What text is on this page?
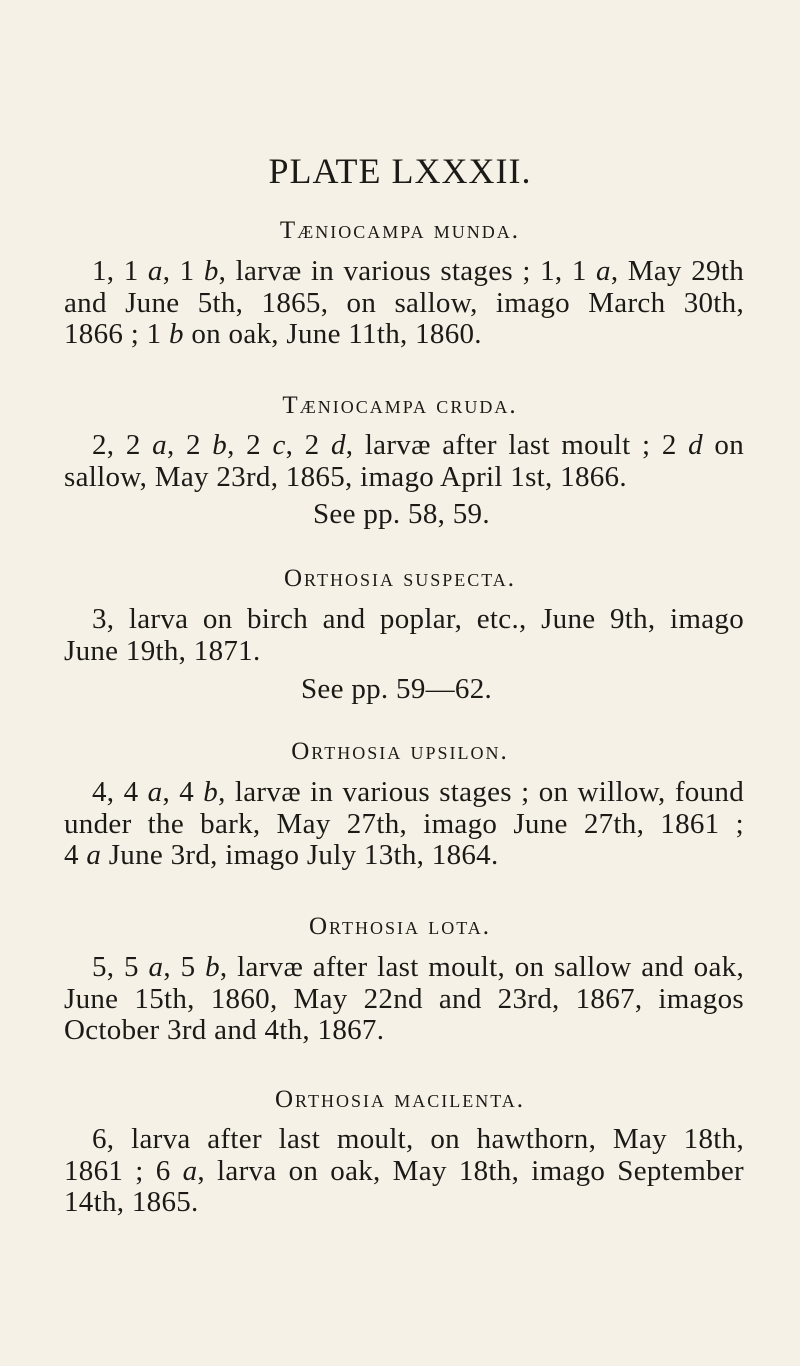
PLATE LXXXII.
Tæniocampa munda.

1, 1 a, 1 b, larvæ in various stages ; 1, 1 a, May 29th
and June 5th, 1865, on sallow, imago March 30th,
1866 ; 1 b on oak, June 11th, 1860.

Tæniocampa cruda.

2, 2 a, 2 b, 2 c, 2 d, larvæ after last moult ; 2 d on
sallow, May 23rd, 1865, imago April 1st, 1866.

See pp. 58, 59.

Orthosia suspecta.

3, larva on birch and poplar, etc., June 9th, imago
June 19th, 1871.

See pp. 59—62.

Orthosia upsilon.

4, 4 a, 4 b, larvæ in various stages ; on willow, found
under the bark, May 27th, imago June 27th, 1861 ;
4 a June 3rd, imago July 13th, 1864.

Orthosia lota.

5, 5 a, 5 b, larvæ after last moult, on sallow and oak,
June 15th, 1860, May 22nd and 23rd, 1867, imagos
October 3rd and 4th, 1867.

Orthosia macilenta.

6, larva after last moult, on hawthorn, May 18th,
1861 ; 6 a, larva on oak, May 18th, imago September
14th, 1865.
